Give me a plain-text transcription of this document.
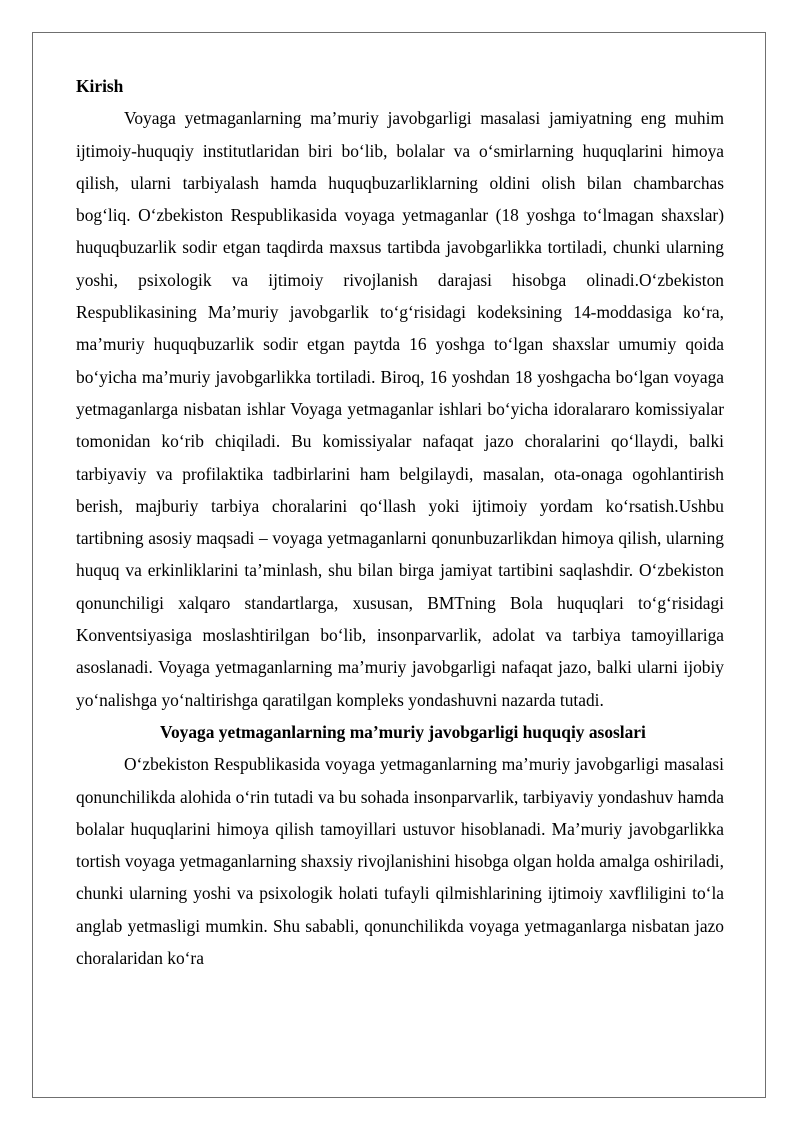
Kirish

Voyaga yetmaganlarning ma’muriy javobgarligi masalasi jamiyatning eng muhim ijtimoiy-huquqiy institutlaridan biri bo‘lib, bolalar va o‘smirlarning huquqlarini himoya qilish, ularni tarbiyalash hamda huquqbuzarliklarning oldini olish bilan chambarchas bog‘liq. O‘zbekiston Respublikasida voyaga yetmaganlar (18 yoshga to‘lmagan shaxslar) huquqbuzarlik sodir etgan taqdirda maxsus tartibda javobgarlikka tortiladi, chunki ularning yoshi, psixologik va ijtimoiy rivojlanish darajasi hisobga olinadi.O‘zbekiston Respublikasining Ma’muriy javobgarlik to‘g‘risidagi kodeksining 14-moddasiga ko‘ra, ma’muriy huquqbuzarlik sodir etgan paytda 16 yoshga to‘lgan shaxslar umumiy qoida bo‘yicha ma’muriy javobgarlikka tortiladi. Biroq, 16 yoshdan 18 yoshgacha bo‘lgan voyaga yetmaganlarga nisbatan ishlar Voyaga yetmaganlar ishlari bo‘yicha idoralararo komissiyalar tomonidan ko‘rib chiqiladi. Bu komissiyalar nafaqat jazo choralarini qo‘llaydi, balki tarbiyaviy va profilaktika tadbirlarini ham belgilaydi, masalan, ota-onaga ogohlantirish berish, majburiy tarbiya choralarini qo‘llash yoki ijtimoiy yordam ko‘rsatish.Ushbu tartibning asosiy maqsadi – voyaga yetmaganlarni qonunbuzarlikdan himoya qilish, ularning huquq va erkinliklarini ta’minlash, shu bilan birga jamiyat tartibini saqlashdir. O‘zbekiston qonunchiligi xalqaro standartlarga, xususan, BMTning Bola huquqlari to‘g‘risidagi Konventsiyasiga moslashtirilgan bo‘lib, insonparvarlik, adolat va tarbiya tamoyillariga asoslanadi. Voyaga yetmaganlarning ma’muriy javobgarligi nafaqat jazo, balki ularni ijobiy yo‘nalishga yo‘naltirishga qaratilgan kompleks yondashuvni nazarda tutadi.

Voyaga yetmaganlarning ma’muriy javobgarligi huquqiy asoslari

O‘zbekiston Respublikasida voyaga yetmaganlarning ma’muriy javobgarligi masalasi qonunchilikda alohida o‘rin tutadi va bu sohada insonparvarlik, tarbiyaviy yondashuv hamda bolalar huquqlarini himoya qilish tamoyillari ustuvor hisoblanadi. Ma’muriy javobgarlikka tortish voyaga yetmaganlarning shaxsiy rivojlanishini hisobga olgan holda amalga oshiriladi, chunki ularning yoshi va psixologik holati tufayli qilmishlarining ijtimoiy xavfliligini to‘la anglab yetmasligi mumkin. Shu sababli, qonunchilikda voyaga yetmaganlarga nisbatan jazo choralaridan ko‘ra
